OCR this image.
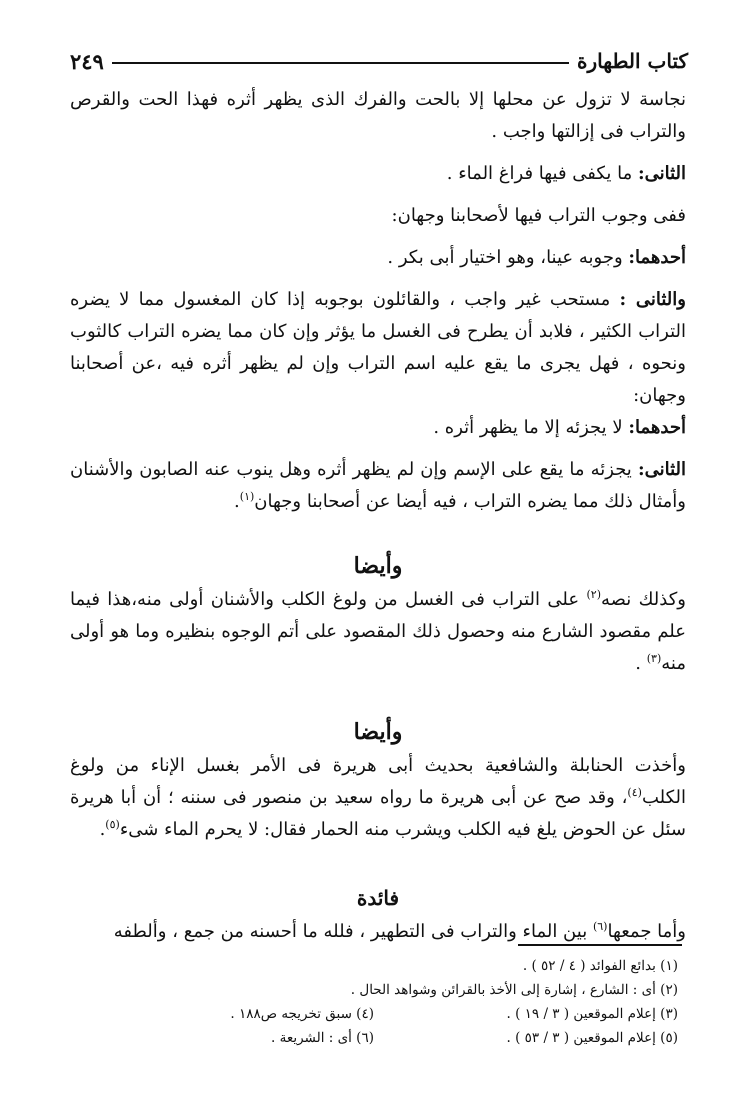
كتاب الطهارة
٢٤٩

نجاسة لا تزول عن محلها إلا بالحت والفرك الذى يظهر أثره فهذا الحت والقرص والتراب فى إزالتها واجب .

الثانى: ما يكفى فيها فراغ الماء .

ففى وجوب التراب فيها لأصحابنا وجهان:

أحدهما: وجوبه عينا، وهو اختيار أبى بكر .

والثانى : مستحب غير واجب ، والقائلون بوجوبه إذا كان المغسول مما لا يضره التراب الكثير ، فلابد أن يطرح فى الغسل ما يؤثر وإن كان مما يضره التراب كالثوب ونحوه ، فهل يجرى ما يقع عليه اسم التراب وإن لم يظهر أثره فيه ،عن أصحابنا وجهان:

أحدهما: لا يجزئه إلا ما يظهر أثره .

الثانى: يجزئه ما يقع على الإسم وإن لم يظهر أثره وهل ينوب عنه الصابون والأشنان وأمثال ذلك مما يضره التراب ، فيه أيضا عن أصحابنا وجهان$^{(١)}$.

وأيضا

وكذلك نصه$^{(٢)}$ على التراب فى الغسل من ولوغ الكلب والأشنان أولى منه،هذا فيما علم مقصود الشارع منه وحصول ذلك المقصود على أتم الوجوه بنظيره وما هو أولى منه$^{(٣)}$ .

وأيضا

وأخذت الحنابلة والشافعية بحديث أبى هريرة فى الأمر بغسل الإناء من ولوغ الكلب$^{(٤)}$، وقد صح عن أبى هريرة ما رواه سعيد بن منصور فى سننه ؛ أن أبا هريرة سئل عن الحوض يلغ فيه الكلب ويشرب منه الحمار فقال: لا يحرم الماء شىء$^{(٥)}$.

فائدة

وأما جمعها$^{(٦)}$ بين الماء والتراب فى التطهير ، فلله ما أحسنه من جمع ، وألطفه

(١) بدائع الفوائد ( ٤ / ٥٢ ) .
(٢) أى : الشارع ، إشارة إلى الأخذ بالقرائن وشواهد الحال .
(٣) إعلام الموقعين ( ٣ / ١٩ ) .
(٤) سبق تخريجه ص١٨٨ .
(٥) إعلام الموقعين ( ٣ / ٥٣ ) .
(٦) أى : الشريعة .
